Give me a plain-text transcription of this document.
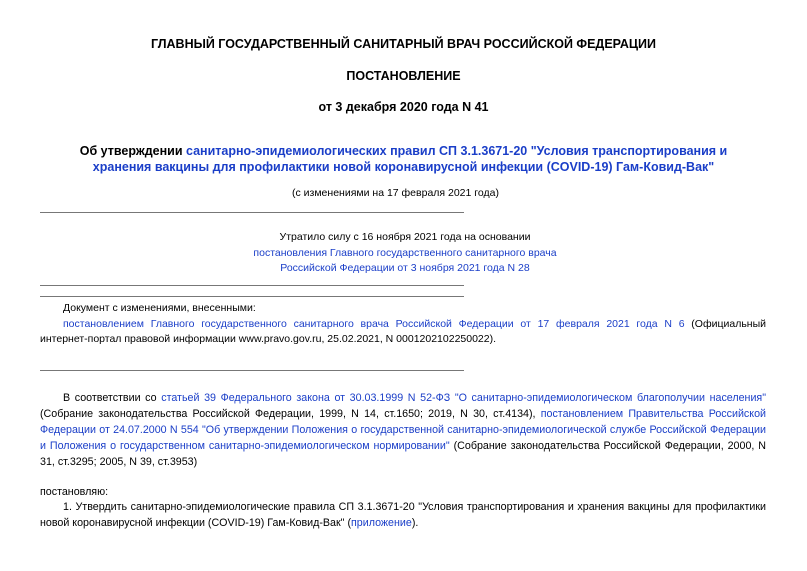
ГЛАВНЫЙ ГОСУДАРСТВЕННЫЙ САНИТАРНЫЙ ВРАЧ РОССИЙСКОЙ ФЕДЕРАЦИИ
ПОСТАНОВЛЕНИЕ
от 3 декабря 2020 года N 41
Об утверждении санитарно-эпидемиологических правил СП 3.1.3671-20 "Условия транспортирования и
хранения вакцины для профилактики новой коронавирусной инфекции (COVID-19) Гам-Ковид-Вак"
(с изменениями на 17 февраля 2021 года)
Утратило силу с 16 ноября 2021 года на основании
постановления Главного государственного санитарного врача
Российской Федерации от 3 ноября 2021 года N 28
Документ с изменениями, внесенными:
постановлением Главного государственного санитарного врача Российской Федерации от 17 февраля 2021 года N 6 (Официальный
интернет-портал правовой информации www.pravo.gov.ru, 25.02.2021, N 0001202102250022).
В соответствии со статьей 39 Федерального закона от 30.03.1999 N 52-ФЗ "О санитарно-эпидемиологическом благополучии населения"
(Собрание законодательства Российской Федерации, 1999, N 14, ст.1650; 2019, N 30, ст.4134), постановлением Правительства Российской
Федерации от 24.07.2000 N 554 "Об утверждении Положения о государственной санитарно-эпидемиологической службе Российской Федерации
и Положения о государственном санитарно-эпидемиологическом нормировании" (Собрание законодательства Российской Федерации, 2000, N
31, ст.3295; 2005, N 39, ст.3953)
постановляю:
1. Утвердить санитарно-эпидемиологические правила СП 3.1.3671-20 "Условия транспортирования и хранения вакцины для профилактики
новой коронавирусной инфекции (COVID-19) Гам-Ковид-Вак" (приложение).
